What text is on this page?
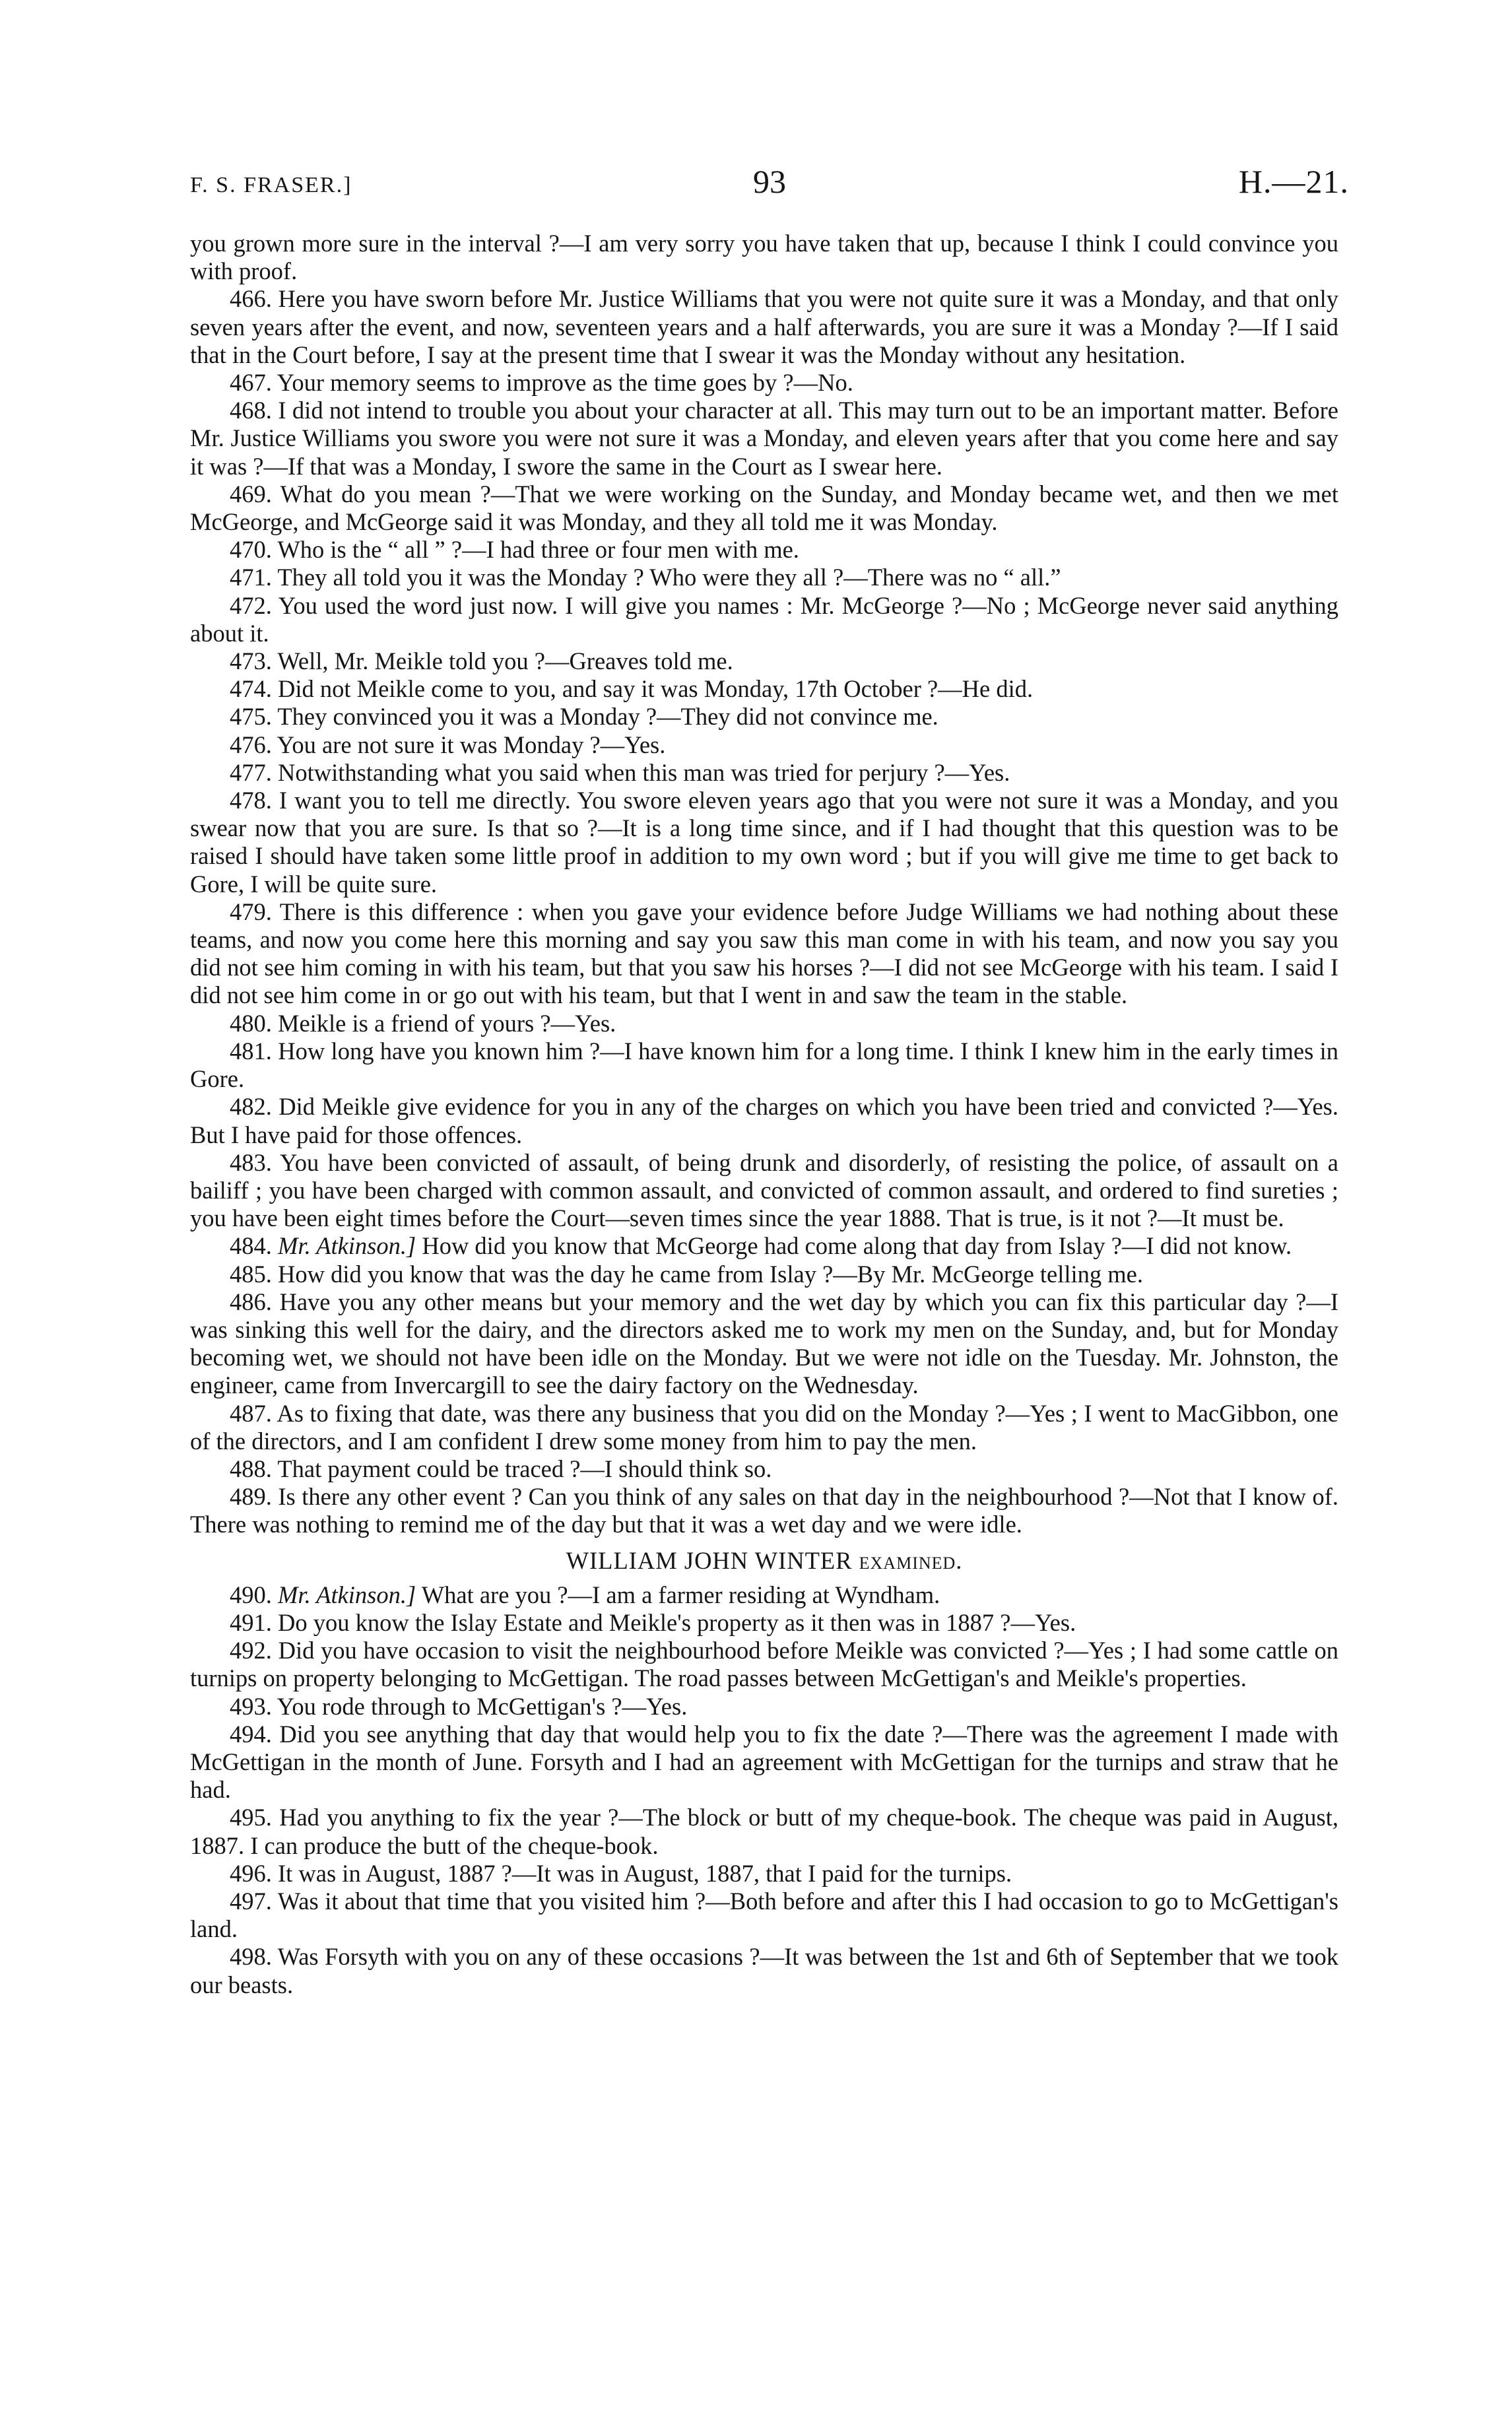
F. S. FRASER.]	93	H.—21.

you grown more sure in the interval ?—I am very sorry you have taken that up, because I think I could convince you with proof.

466. Here you have sworn before Mr. Justice Williams that you were not quite sure it was a Monday, and that only seven years after the event, and now, seventeen years and a half afterwards, you are sure it was a Monday ?—If I said that in the Court before, I say at the present time that I swear it was the Monday without any hesitation.

467. Your memory seems to improve as the time goes by ?—No.

468. I did not intend to trouble you about your character at all. This may turn out to be an important matter. Before Mr. Justice Williams you swore you were not sure it was a Monday, and eleven years after that you come here and say it was ?—If that was a Monday, I swore the same in the Court as I swear here.

469. What do you mean ?—That we were working on the Sunday, and Monday became wet, and then we met McGeorge, and McGeorge said it was Monday, and they all told me it was Monday.

470. Who is the “ all ” ?—I had three or four men with me.

471. They all told you it was the Monday ? Who were they all ?—There was no “ all.”

472. You used the word just now. I will give you names : Mr. McGeorge ?—No ; McGeorge never said anything about it.

473. Well, Mr. Meikle told you ?—Greaves told me.

474. Did not Meikle come to you, and say it was Monday, 17th October ?—He did.

475. They convinced you it was a Monday ?—They did not convince me.

476. You are not sure it was Monday ?—Yes.

477. Notwithstanding what you said when this man was tried for perjury ?—Yes.

478. I want you to tell me directly. You swore eleven years ago that you were not sure it was a Monday, and you swear now that you are sure. Is that so ?—It is a long time since, and if I had thought that this question was to be raised I should have taken some little proof in addition to my own word ; but if you will give me time to get back to Gore, I will be quite sure.

479. There is this difference : when you gave your evidence before Judge Williams we had nothing about these teams, and now you come here this morning and say you saw this man come in with his team, and now you say you did not see him coming in with his team, but that you saw his horses ?—I did not see McGeorge with his team. I said I did not see him come in or go out with his team, but that I went in and saw the team in the stable.

480. Meikle is a friend of yours ?—Yes.

481. How long have you known him ?—I have known him for a long time. I think I knew him in the early times in Gore.

482. Did Meikle give evidence for you in any of the charges on which you have been tried and convicted ?—Yes. But I have paid for those offences.

483. You have been convicted of assault, of being drunk and disorderly, of resisting the police, of assault on a bailiff ; you have been charged with common assault, and convicted of common assault, and ordered to find sureties ; you have been eight times before the Court—seven times since the year 1888. That is true, is it not ?—It must be.

484. Mr. Atkinson.] How did you know that McGeorge had come along that day from Islay ?—I did not know.

485. How did you know that was the day he came from Islay ?—By Mr. McGeorge telling me.

486. Have you any other means but your memory and the wet day by which you can fix this particular day ?—I was sinking this well for the dairy, and the directors asked me to work my men on the Sunday, and, but for Monday becoming wet, we should not have been idle on the Monday. But we were not idle on the Tuesday. Mr. Johnston, the engineer, came from Invercargill to see the dairy factory on the Wednesday.

487. As to fixing that date, was there any business that you did on the Monday ?—Yes ; I went to MacGibbon, one of the directors, and I am confident I drew some money from him to pay the men.

488. That payment could be traced ?—I should think so.

489. Is there any other event ? Can you think of any sales on that day in the neighbourhood ?—Not that I know of. There was nothing to remind me of the day but that it was a wet day and we were idle.

WILLIAM JOHN WINTER examined.

490. Mr. Atkinson.] What are you ?—I am a farmer residing at Wyndham.

491. Do you know the Islay Estate and Meikle's property as it then was in 1887 ?—Yes.

492. Did you have occasion to visit the neighbourhood before Meikle was convicted ?—Yes ; I had some cattle on turnips on property belonging to McGettigan. The road passes between McGettigan's and Meikle's properties.

493. You rode through to McGettigan's ?—Yes.

494. Did you see anything that day that would help you to fix the date ?—There was the agreement I made with McGettigan in the month of June. Forsyth and I had an agreement with McGettigan for the turnips and straw that he had.

495. Had you anything to fix the year ?—The block or butt of my cheque-book. The cheque was paid in August, 1887. I can produce the butt of the cheque-book.

496. It was in August, 1887 ?—It was in August, 1887, that I paid for the turnips.

497. Was it about that time that you visited him ?—Both before and after this I had occasion to go to McGettigan's land.

498. Was Forsyth with you on any of these occasions ?—It was between the 1st and 6th of September that we took our beasts.
